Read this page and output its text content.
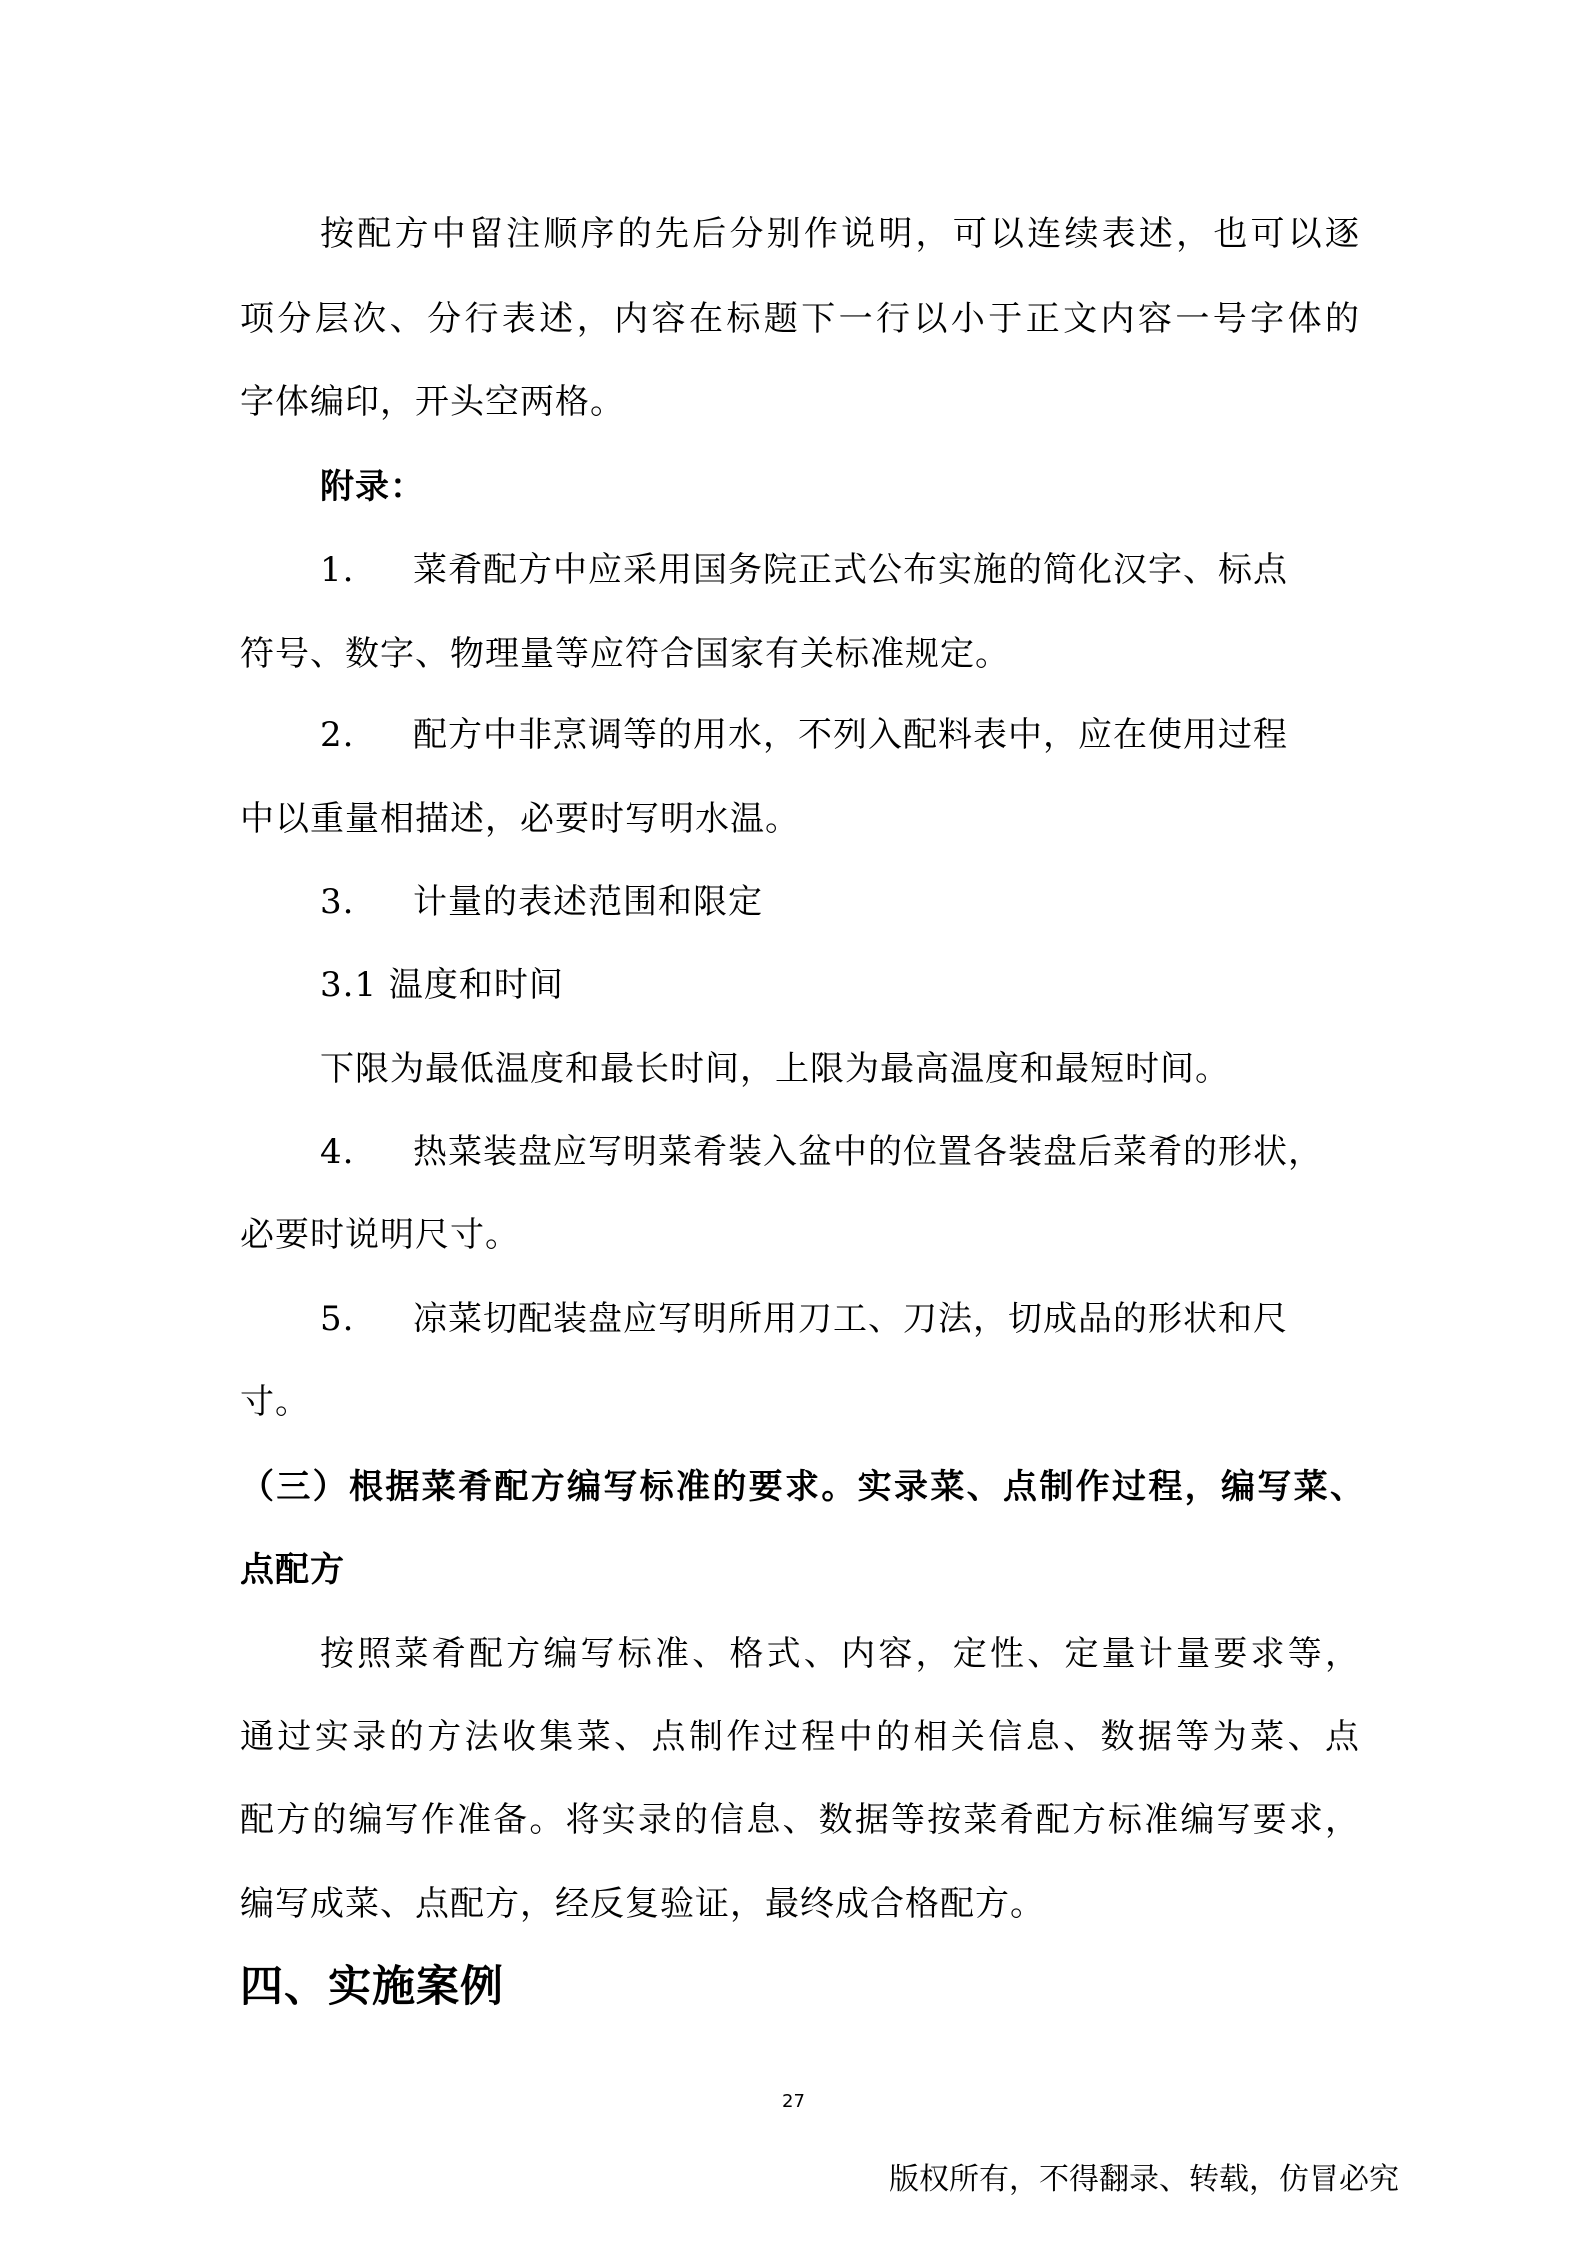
按配方中留注顺序的先后分别作说明，可以连续表述，也可以逐
项分层次、分行表述，内容在标题下一行以小于正文内容一号字体的
字体编印，开头空两格。
附录：
1. 菜肴配方中应采用国务院正式公布实施的简化汉字、标点
符号、数字、物理量等应符合国家有关标准规定。
2. 配方中非烹调等的用水，不列入配料表中，应在使用过程
中以重量相描述，必要时写明水温。
3. 计量的表述范围和限定
3.1 温度和时间
下限为最低温度和最长时间，上限为最高温度和最短时间。
4. 热菜装盘应写明菜肴装入盆中的位置各装盘后菜肴的形状，
必要时说明尺寸。
5. 凉菜切配装盘应写明所用刀工、刀法，切成品的形状和尺
寸。
（三）根据菜肴配方编写标准的要求。实录菜、点制作过程，编写菜、
点配方
按照菜肴配方编写标准、格式、内容，定性、定量计量要求等，
通过实录的方法收集菜、点制作过程中的相关信息、数据等为菜、点
配方的编写作准备。将实录的信息、数据等按菜肴配方标准编写要求，
编写成菜、点配方，经反复验证，最终成合格配方。
四、实施案例
27
版权所有，不得翻录、转载，仿冒必究
